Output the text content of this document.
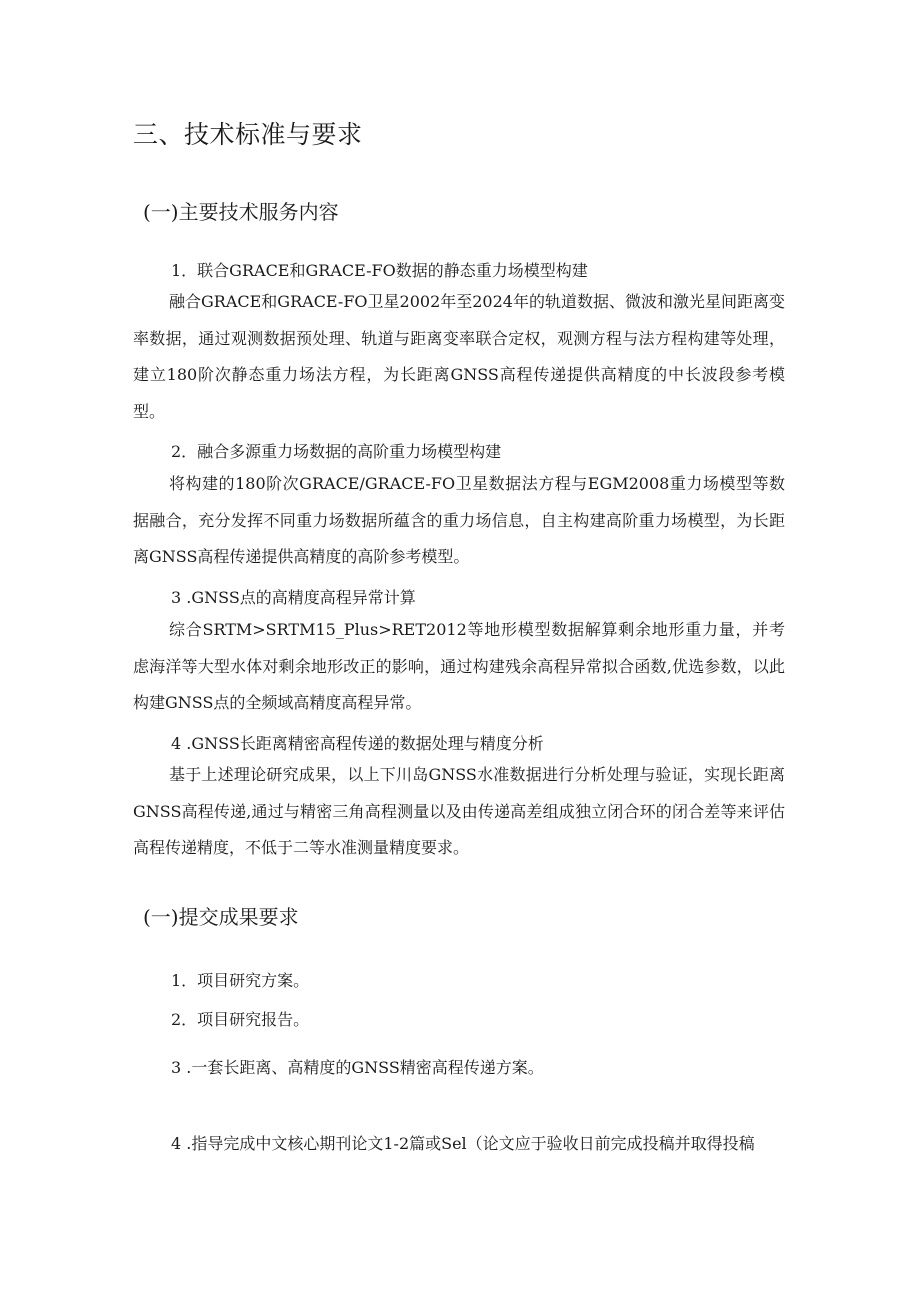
三、技术标准与要求
(一)主要技术服务内容
1．联合GRACE和GRACE-FO数据的静态重力场模型构建

融合GRACE和GRACE-FO卫星2002年至2024年的轨道数据、微波和激光星间距离变率数据，通过观测数据预处理、轨道与距离变率联合定权，观测方程与法方程构建等处理，建立180阶次静态重力场法方程，为长距离GNSS高程传递提供高精度的中长波段参考模型。

2．融合多源重力场数据的高阶重力场模型构建

将构建的180阶次GRACE/GRACE-FO卫星数据法方程与EGM2008重力场模型等数据融合，充分发挥不同重力场数据所蕴含的重力场信息，自主构建高阶重力场模型，为长距离GNSS高程传递提供高精度的高阶参考模型。

3 .GNSS点的高精度高程异常计算

综合SRTM>SRTM15_Plus>RET2012等地形模型数据解算剩余地形重力量，并考虑海洋等大型水体对剩余地形改正的影响，通过构建残余高程异常拟合函数,优选参数，以此构建GNSS点的全频域高精度高程异常。

4 .GNSS长距离精密高程传递的数据处理与精度分析

基于上述理论研究成果，以上下川岛GNSS水准数据进行分析处理与验证，实现长距离GNSS高程传递,通过与精密三角高程测量以及由传递高差组成独立闭合环的闭合差等来评估高程传递精度，不低于二等水准测量精度要求。

(一)提交成果要求
1．项目研究方案。
2．项目研究报告。
3 .一套长距离、高精度的GNSS精密高程传递方案。
4 .指导完成中文核心期刊论文1-2篇或Sel（论文应于验收日前完成投稿并取得投稿
